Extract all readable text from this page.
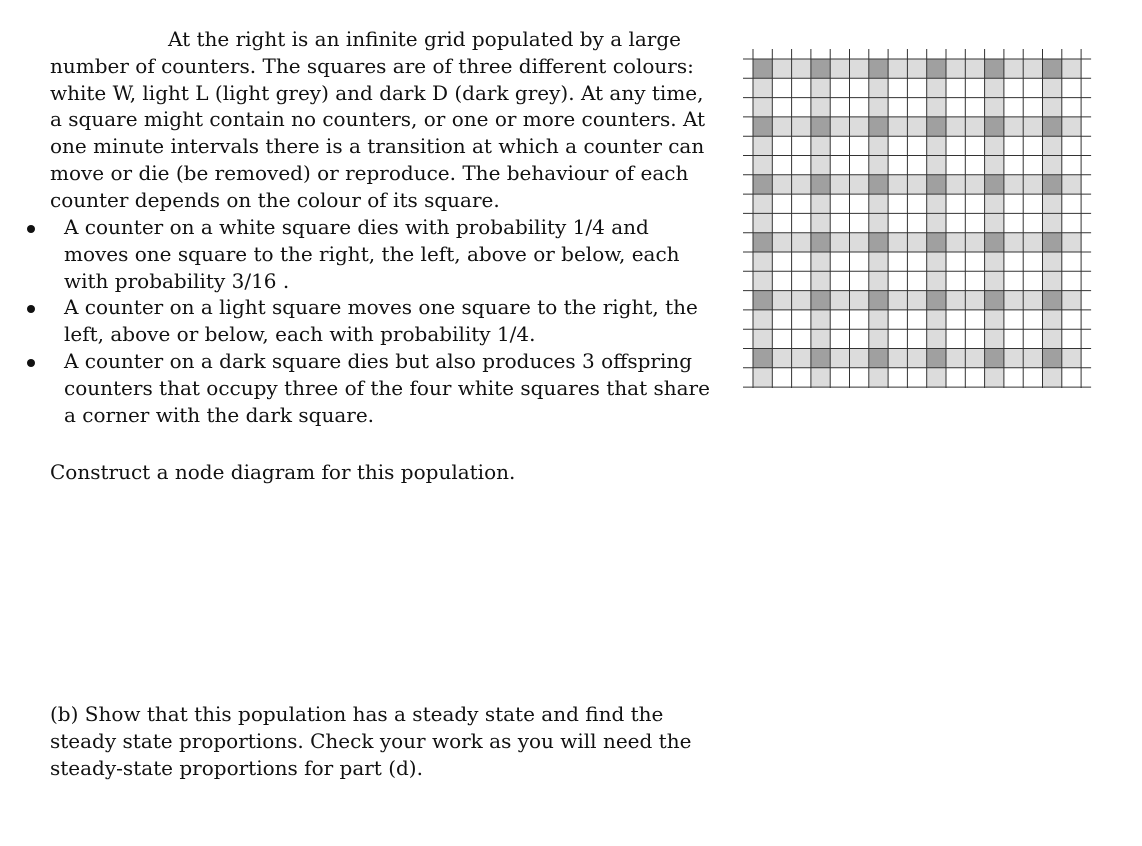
At the right is an infinite grid populated by a large number of counters. The squares are of three different colours: white W, light L (light grey) and dark D (dark grey). At any time, a square might contain no counters, or one or more counters. At one minute intervals there is a transition at which a counter can move or die (be removed) or reproduce. The behaviour of each counter depends on the colour of its square.

A counter on a white square dies with probability 1/4 and moves one square to the right, the left, above or below, each with probability 3/16 .
A counter on a light square moves one square to the right, the left, above or below, each with probability 1/4.
A counter on a dark square dies but also produces 3 offspring counters that occupy three of the four white squares that share a corner with the dark square.

Construct a node diagram for this population.

(b) Show that this population has a steady state and find the steady state proportions. Check your work as you will need the steady-state proportions for part (d).
